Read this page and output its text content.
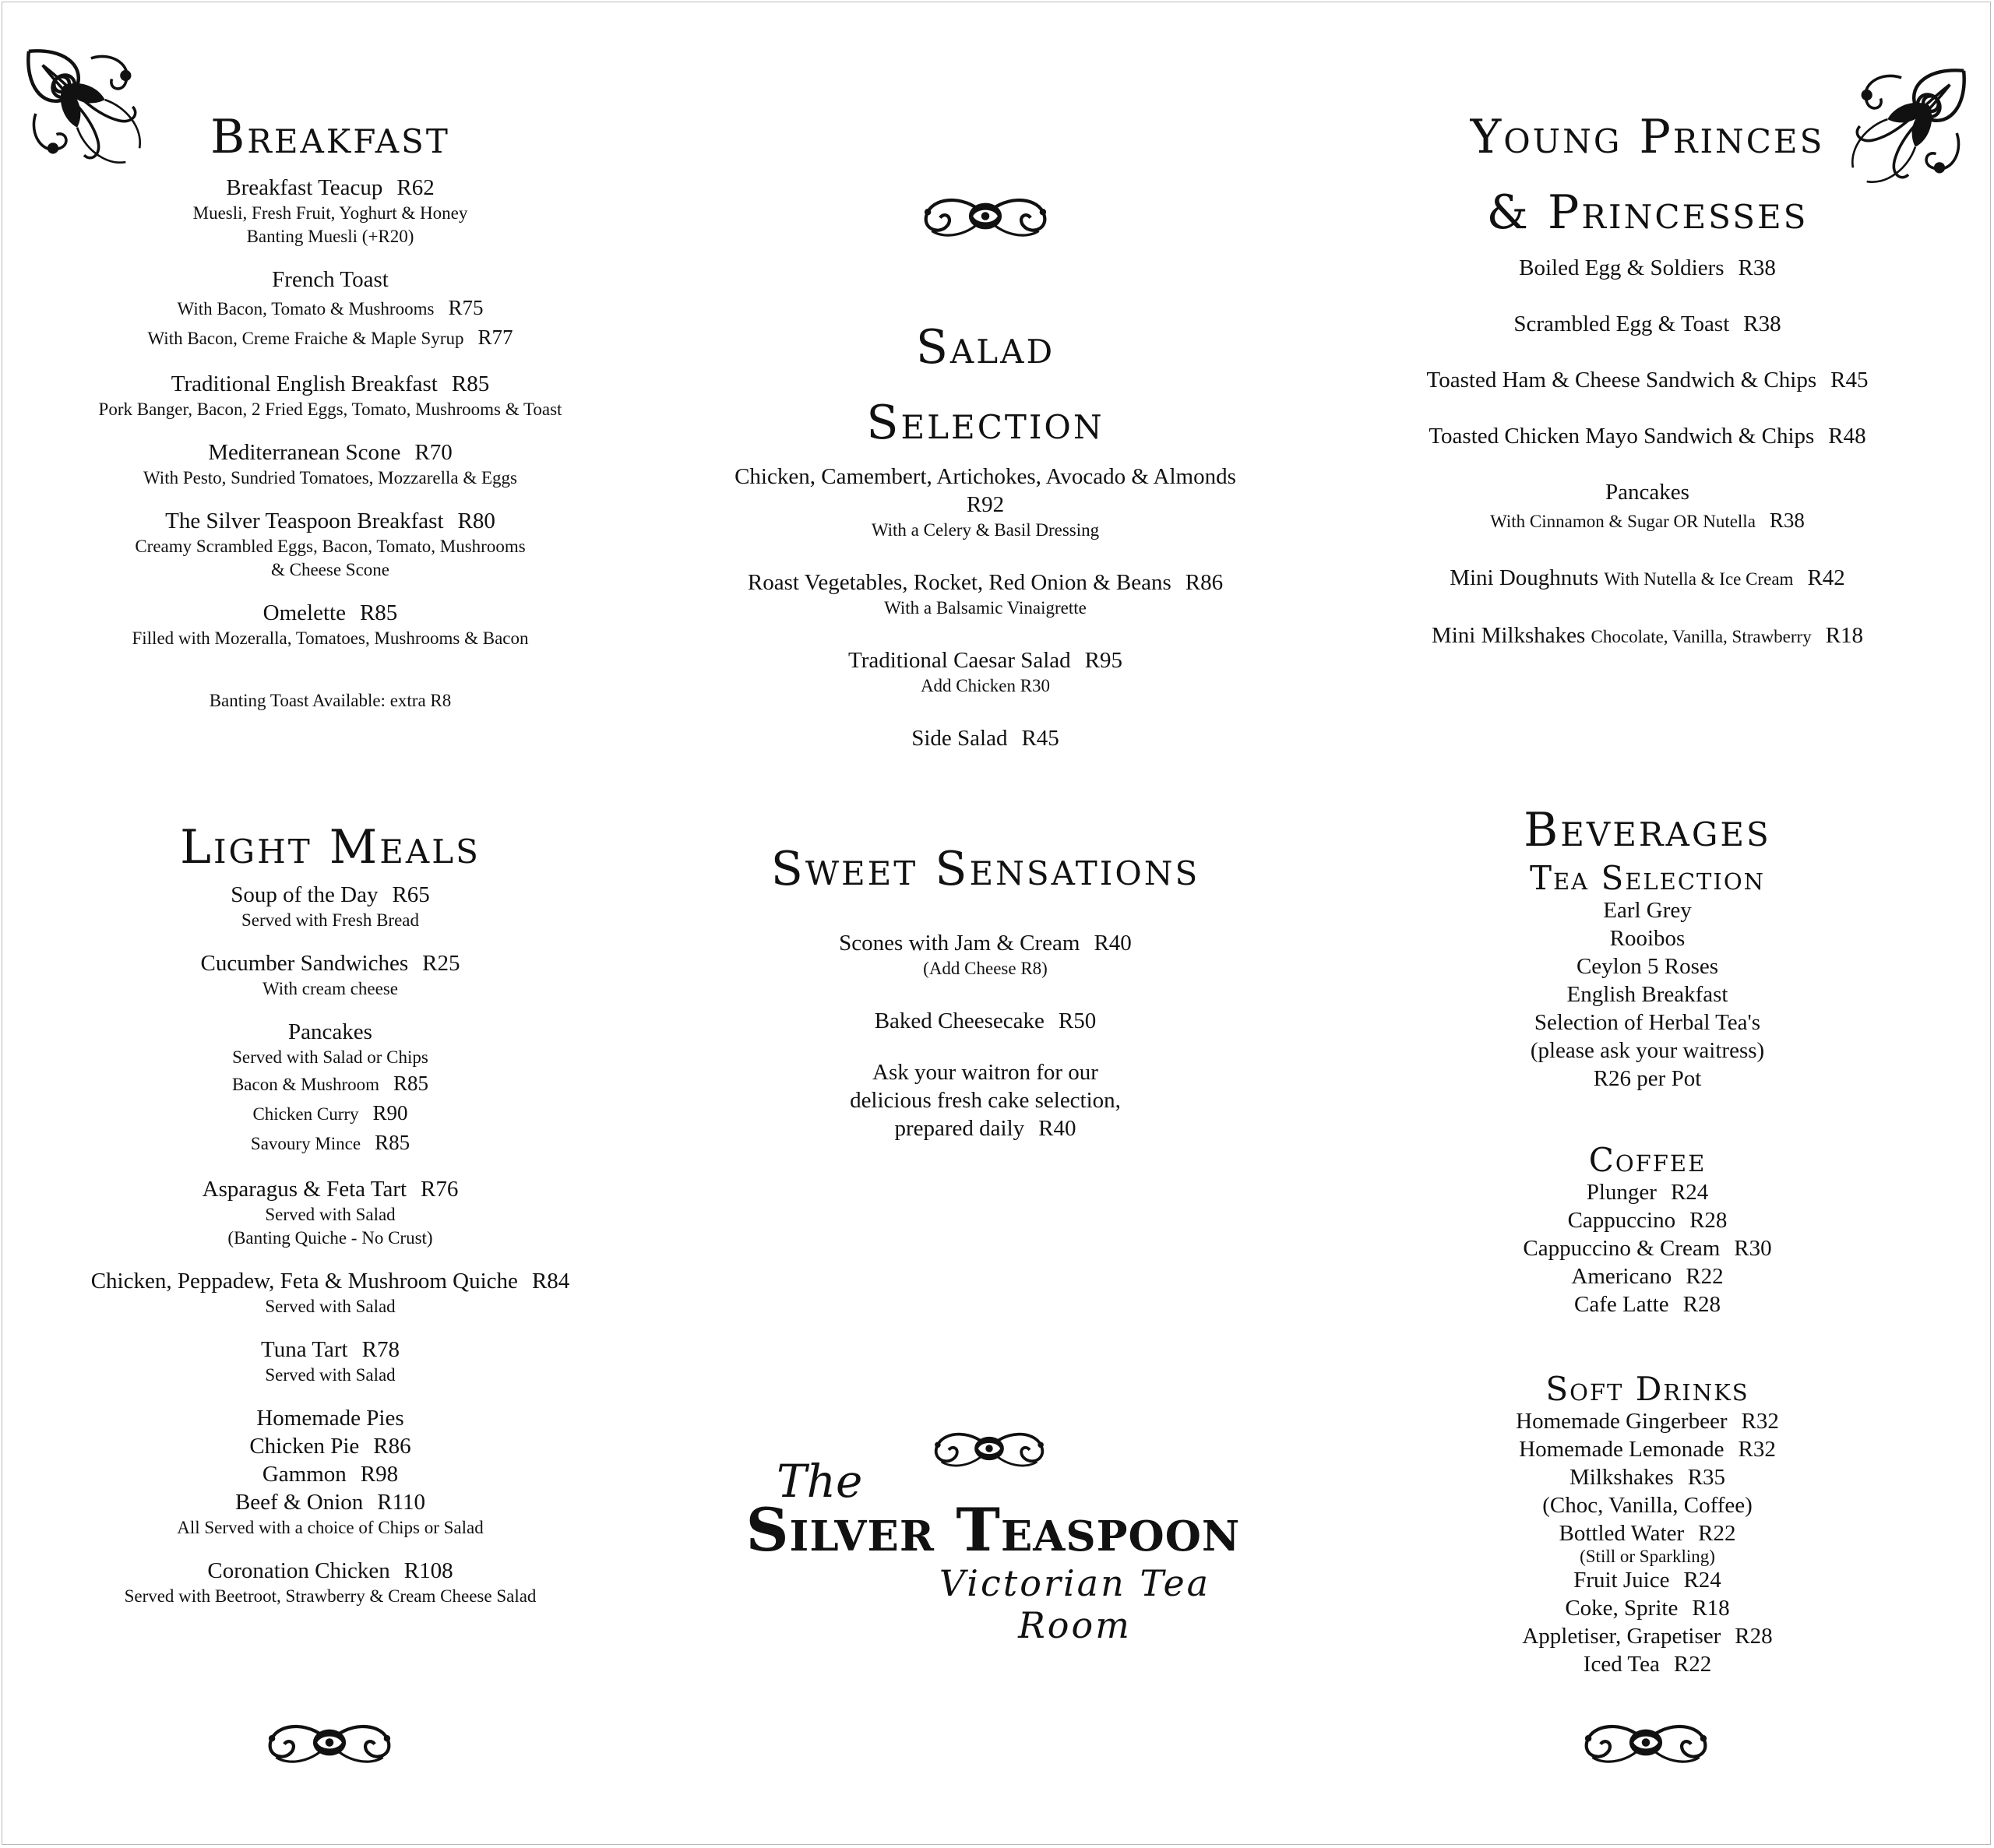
Breakfast
Breakfast Teacup R62
Muesli, Fresh Fruit, Yoghurt & Honey
Banting Muesli (+R20)
French Toast
With Bacon, Tomato & Mushrooms R75
With Bacon, Creme Fraiche & Maple Syrup R77
Traditional English Breakfast R85
Pork Banger, Bacon, 2 Fried Eggs, Tomato, Mushrooms & Toast
Mediterranean Scone R70
With Pesto, Sundried Tomatoes, Mozzarella & Eggs
The Silver Teaspoon Breakfast R80
Creamy Scrambled Eggs, Bacon, Tomato, Mushrooms
& Cheese Scone
Omelette R85
Filled with Mozeralla, Tomatoes, Mushrooms & Bacon
Banting Toast Available: extra R8
Light Meals
Soup of the Day R65
Served with Fresh Bread
Cucumber Sandwiches R25
With cream cheese
Pancakes
Served with Salad or Chips
Bacon & Mushroom R85
Chicken Curry R90
Savoury Mince R85
Asparagus & Feta Tart R76
Served with Salad
(Banting Quiche - No Crust)
Chicken, Peppadew, Feta & Mushroom Quiche R84
Served with Salad
Tuna Tart R78
Served with Salad
Homemade Pies
Chicken Pie R86
Gammon R98
Beef & Onion R110
All Served with a choice of Chips or Salad
Coronation Chicken R108
Served with Beetroot, Strawberry & Cream Cheese Salad
Salad
Selection
Chicken, Camembert, Artichokes, Avocado & Almonds
R92
With a Celery & Basil Dressing
Roast Vegetables, Rocket, Red Onion & Beans R86
With a Balsamic Vinaigrette
Traditional Caesar Salad R95
Add Chicken R30
Side Salad R45
Sweet Sensations
Scones with Jam & Cream R40
(Add Cheese R8)
Baked Cheesecake R50
Ask your waitron for our
delicious fresh cake selection,
prepared daily R40
The
Silver Teaspoon
Victorian Tea Room
Young Princes
& Princesses
Boiled Egg & Soldiers R38
Scrambled Egg & Toast R38
Toasted Ham & Cheese Sandwich & Chips R45
Toasted Chicken Mayo Sandwich & Chips R48
Pancakes
With Cinnamon & Sugar OR Nutella R38
Mini Doughnuts With Nutella & Ice Cream R42
Mini Milkshakes Chocolate, Vanilla, Strawberry R18
Beverages
Tea Selection
Earl Grey
Rooibos
Ceylon 5 Roses
English Breakfast
Selection of Herbal Tea's
(please ask your waitress)
R26 per Pot
Coffee
Plunger R24
Cappuccino R28
Cappuccino & Cream R30
Americano R22
Cafe Latte R28
Soft Drinks
Homemade Gingerbeer R32
Homemade Lemonade R32
Milkshakes R35
(Choc, Vanilla, Coffee)
Bottled Water R22
(Still or Sparkling)
Fruit Juice R24
Coke, Sprite R18
Appletiser, Grapetiser R28
Iced Tea R22
